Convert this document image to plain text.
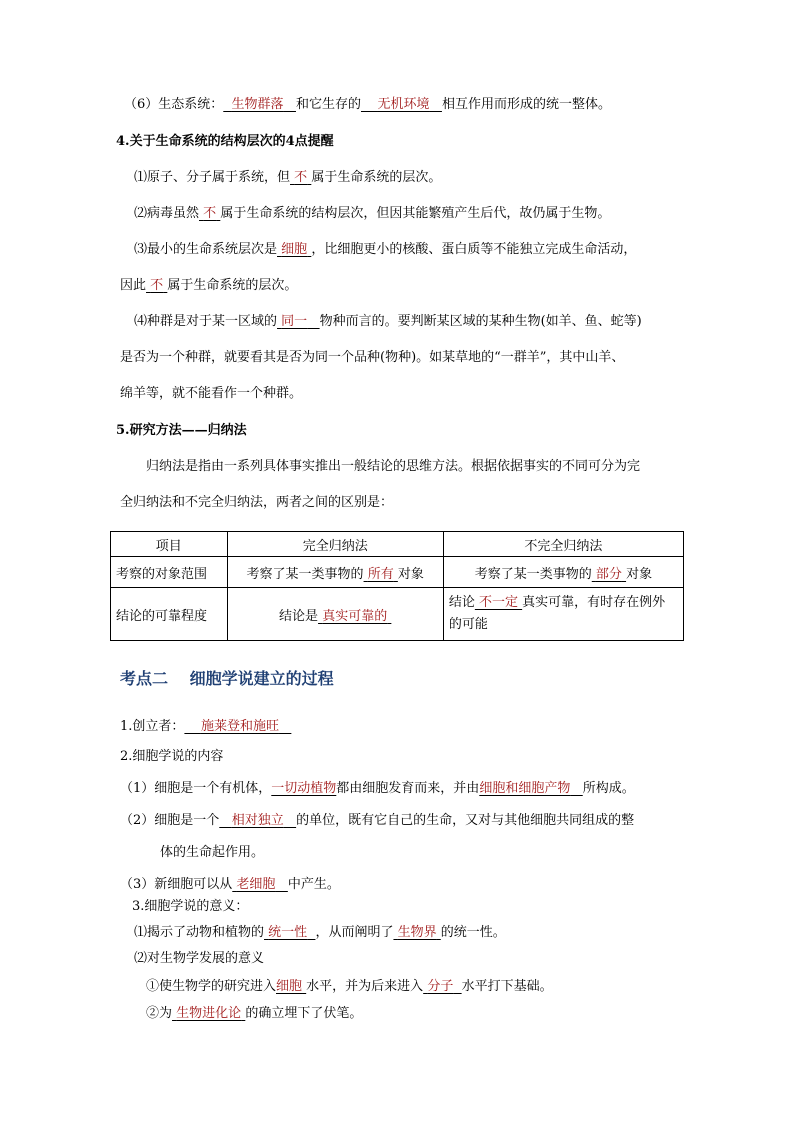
（6）生态系统： 生物群落 和它生存的 无机环境 相互作用而形成的统一整体。
4.关于生命系统的结构层次的4点提醒
⑴原子、分子属于系统，但 不 属于生命系统的层次。
⑵病毒虽然 不 属于生命系统的结构层次，但因其能繁殖产生后代，故仍属于生物。
⑶最小的生命系统层次是 细胞 ，比细胞更小的核酸、蛋白质等不能独立完成生命活动，
因此 不 属于生命系统的层次。
⑷种群是对于某一区域的 同一 物种而言的。要判断某区域的某种生物(如羊、鱼、蛇等)
是否为一个种群，就要看其是否为同一个品种(物种)。如某草地的“一群羊”，其中山羊、
绵羊等，就不能看作一个种群。
5.研究方法——归纳法
归纳法是指由一系列具体事实推出一般结论的思维方法。根据依据事实的不同可分为完
全归纳法和不完全归纳法，两者之间的区别是：
项目	完全归纳法	不完全归纳法
考察的对象范围	考察了某一类事物的 所有 对象	考察了某一类事物的 部分 对象
结论的可靠程度	结论是 真实可靠的	结论 不一定 真实可靠，有时存在例外的可能
考点二　 细胞学说建立的过程
1.创立者： 施莱登和施旺
2.细胞学说的内容
（1）细胞是一个有机体，一切动植物都由细胞发育而来，并由细胞和细胞产物 所构成。
（2）细胞是一个 相对独立 的单位，既有它自己的生命，又对与其他细胞共同组成的整
体的生命起作用。
（3）新细胞可以从 老细胞 中产生。
3.细胞学说的意义：
⑴揭示了动物和植物的 统一性 ，从而阐明了 生物界 的统一性。
⑵对生物学发展的意义
①使生物学的研究进入细胞 水平，并为后来进入 分子 水平打下基础。
②为 生物进化论 的确立埋下了伏笔。
